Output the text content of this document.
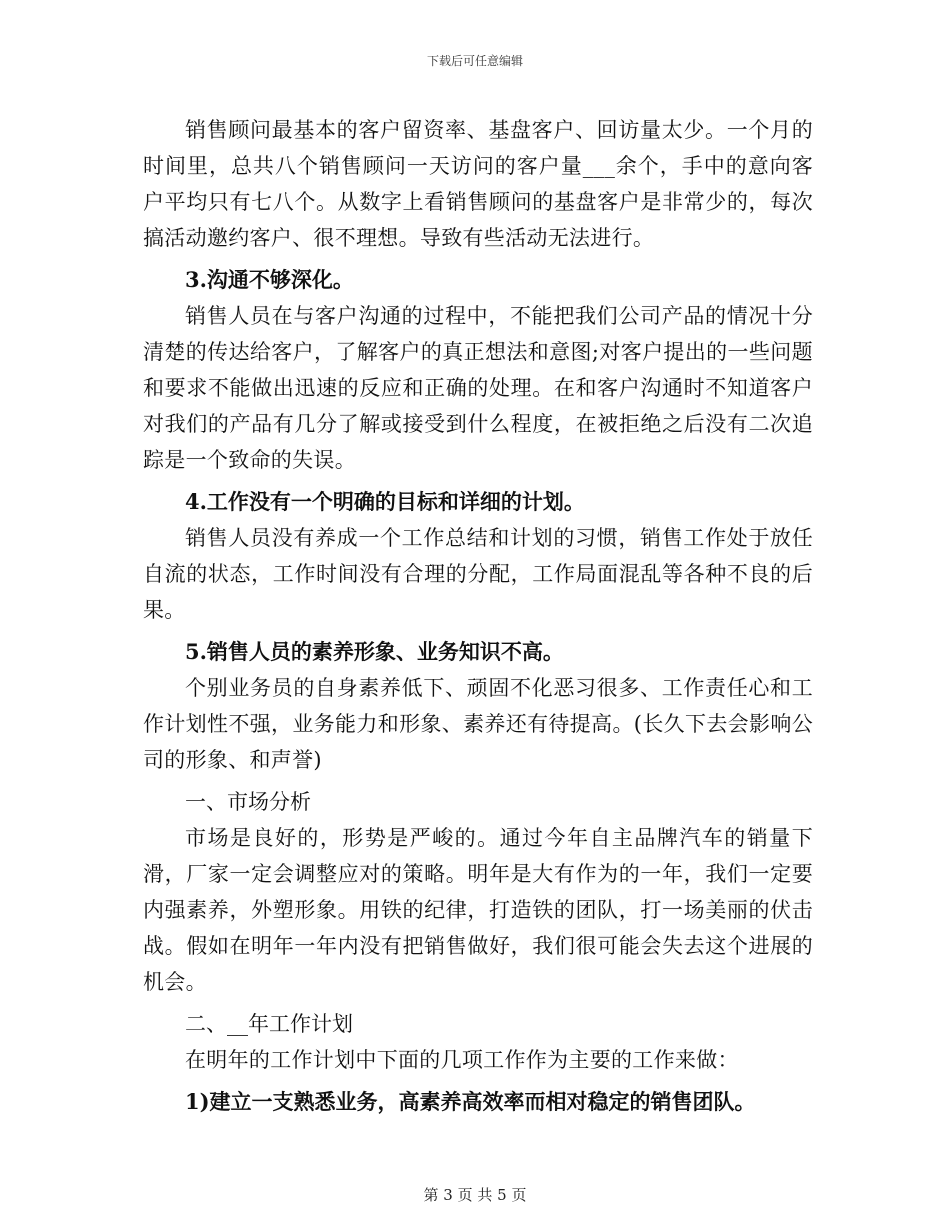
下载后可任意编辑

销售顾问最基本的客户留资率、基盘客户、回访量太少。一个月的时间里，总共八个销售顾问一天访问的客户量___余个，手中的意向客户平均只有七八个。从数字上看销售顾问的基盘客户是非常少的，每次搞活动邀约客户、很不理想。导致有些活动无法进行。

3.沟通不够深化。

销售人员在与客户沟通的过程中，不能把我们公司产品的情况十分清楚的传达给客户，了解客户的真正想法和意图;对客户提出的一些问题和要求不能做出迅速的反应和正确的处理。在和客户沟通时不知道客户对我们的产品有几分了解或接受到什么程度，在被拒绝之后没有二次追踪是一个致命的失误。

4.工作没有一个明确的目标和详细的计划。

销售人员没有养成一个工作总结和计划的习惯，销售工作处于放任自流的状态，工作时间没有合理的分配，工作局面混乱等各种不良的后果。

5.销售人员的素养形象、业务知识不高。

个别业务员的自身素养低下、顽固不化恶习很多、工作责任心和工作计划性不强，业务能力和形象、素养还有待提高。(长久下去会影响公司的形象、和声誉)

一、市场分析

市场是良好的，形势是严峻的。通过今年自主品牌汽车的销量下滑，厂家一定会调整应对的策略。明年是大有作为的一年，我们一定要内强素养，外塑形象。用铁的纪律，打造铁的团队，打一场美丽的伏击战。假如在明年一年内没有把销售做好，我们很可能会失去这个进展的机会。

二、__年工作计划

在明年的工作计划中下面的几项工作作为主要的工作来做：

1)建立一支熟悉业务，高素养高效率而相对稳定的销售团队。

第 3 页 共 5 页
